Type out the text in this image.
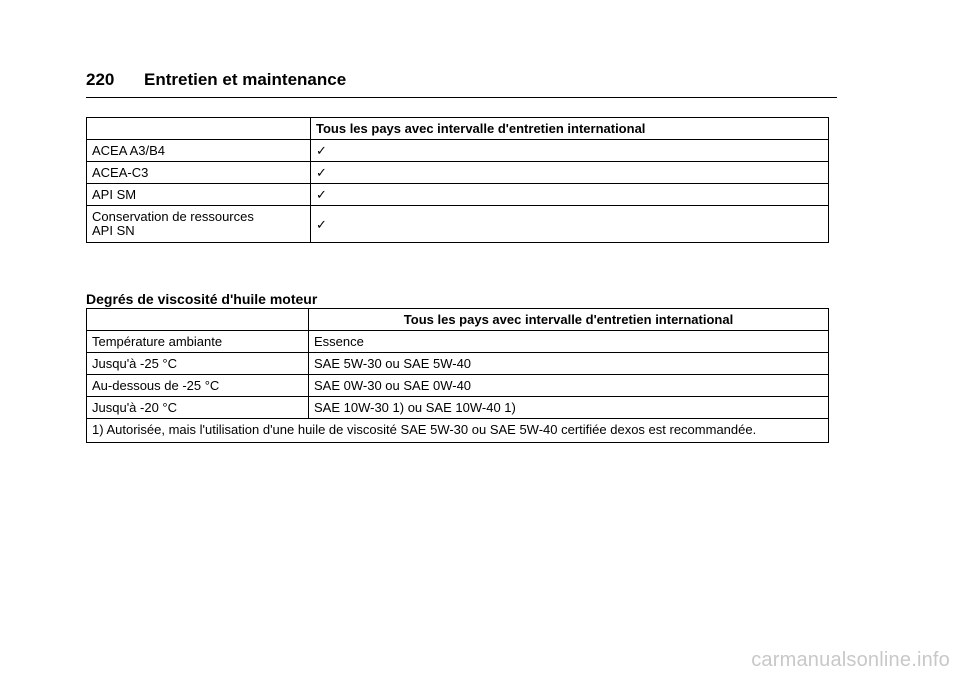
220 Entretien et maintenance
	Tous les pays avec intervalle d'entretien international
ACEA A3/B4	✓
ACEA-C3	✓
API SM	✓
Conservation de ressources
API SN	✓
Degrés de viscosité d'huile moteur
	Tous les pays avec intervalle d'entretien international
Température ambiante	Essence
Jusqu'à -25 °C	SAE 5W-30 ou SAE 5W-40
Au-dessous de -25 °C	SAE 0W-30 ou SAE 0W-40
Jusqu'à -20 °C	SAE 10W-30 1) ou SAE 10W-40 1)
1) Autorisée, mais l'utilisation d'une huile de viscosité SAE 5W-30 ou SAE 5W-40 certifiée dexos est recommandée.	
carmanualsonline.info
